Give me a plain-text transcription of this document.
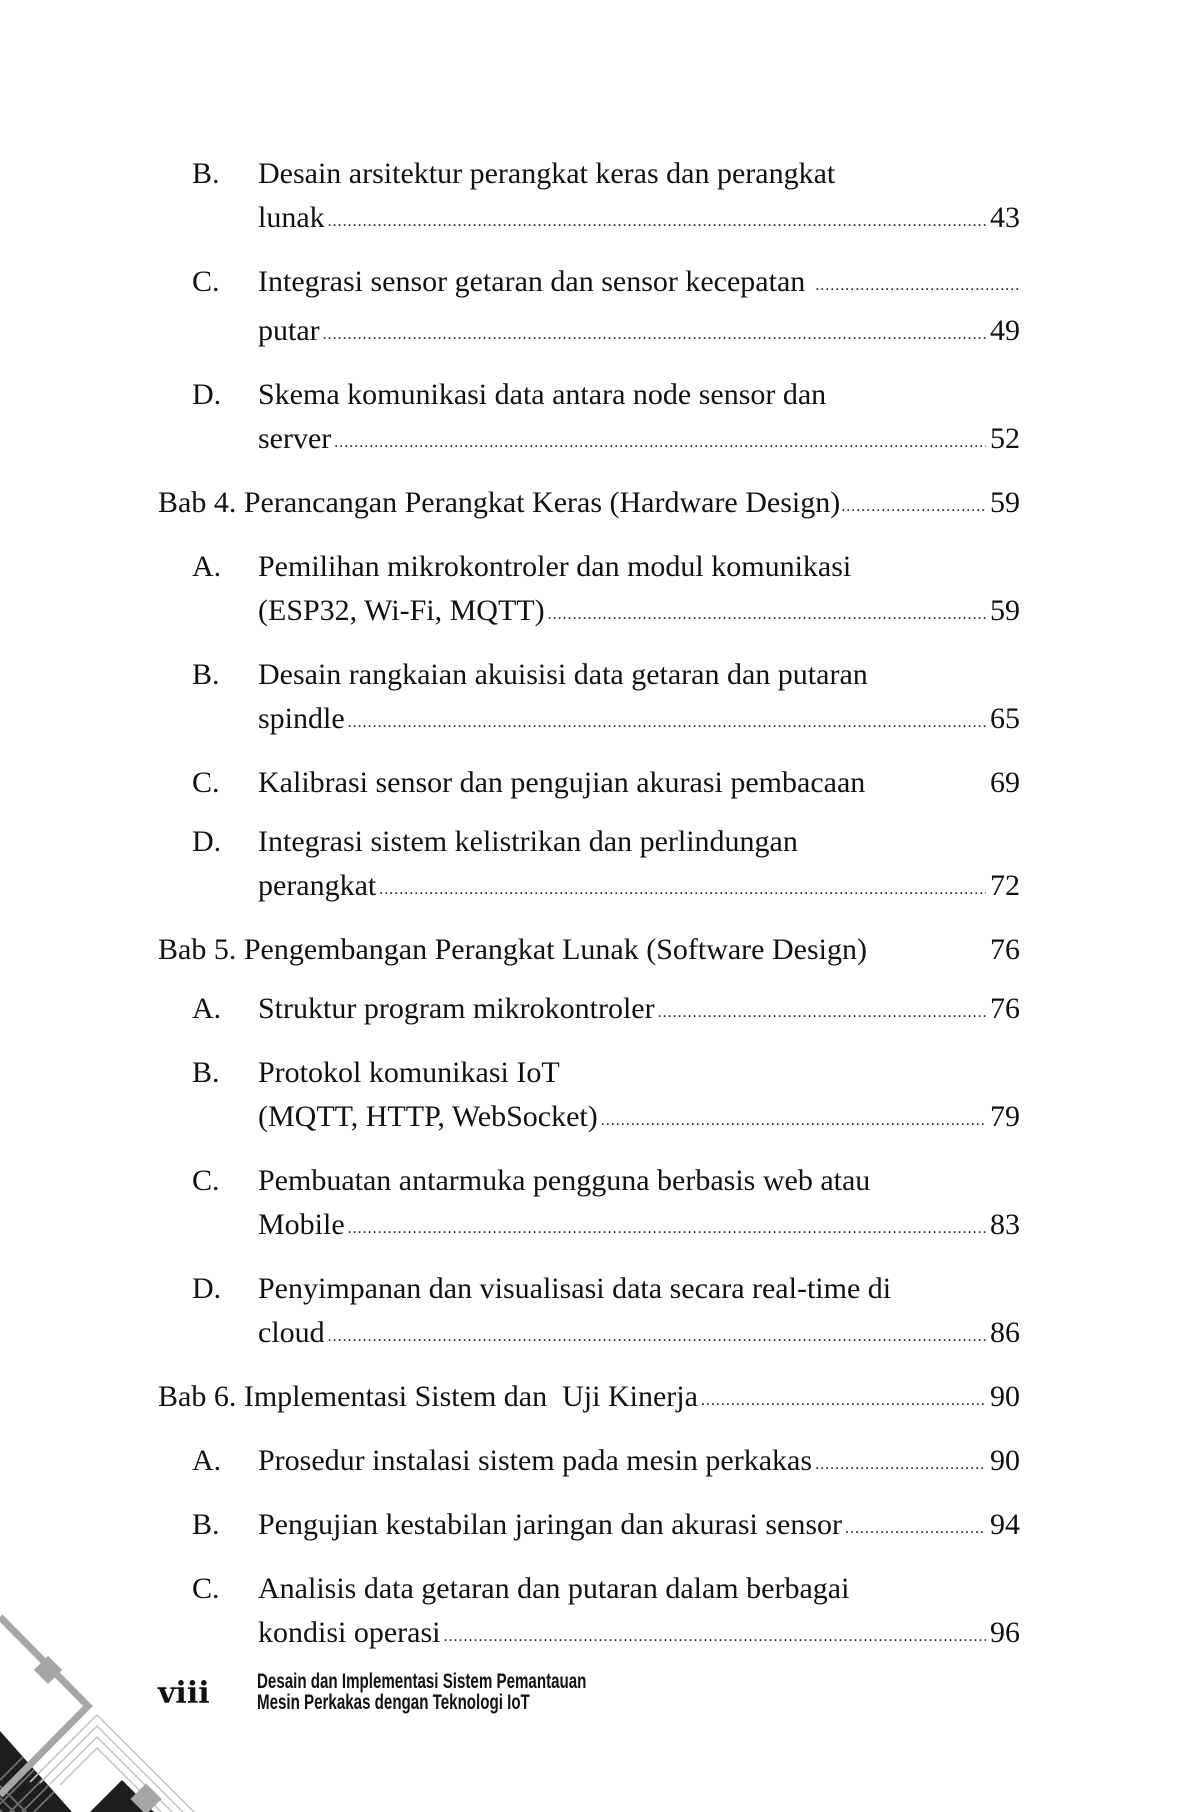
B. Desain arsitektur perangkat keras dan perangkat
lunak .....	43
C. Integrasi sensor getaran dan sensor kecepatan
.....
putar .....	49
D. Skema komunikasi data antara node sensor dan
server .....	52
Bab 4. Perancangan Perangkat Keras (Hardware Design) .....	59
A. Pemilihan mikrokontroler dan modul komunikasi
(ESP32, Wi-Fi, MQTT) .....	59
B. Desain rangkaian akuisisi data getaran dan putaran
spindle .....	65
C. Kalibrasi sensor dan pengujian akurasi pembacaan	69
D. Integrasi sistem kelistrikan dan perlindungan
perangkat .....	72
Bab 5. Pengembangan Perangkat Lunak (Software Design)	76
A. Struktur program mikrokontroler .....	76
B. Protokol komunikasi IoT
(MQTT, HTTP, WebSocket) .....	79
C. Pembuatan antarmuka pengguna berbasis web atau
Mobile .....	83
D. Penyimpanan dan visualisasi data secara real-time di
cloud .....	86
Bab 6. Implementasi Sistem dan  Uji Kinerja .....	90
A. Prosedur instalasi sistem pada mesin perkakas .....	90
B. Pengujian kestabilan jaringan dan akurasi sensor .....	94
C. Analisis data getaran dan putaran dalam berbagai
kondisi operasi .....	96
viii Desain dan Implementasi Sistem Pemantauan
Mesin Perkakas dengan Teknologi IoT
